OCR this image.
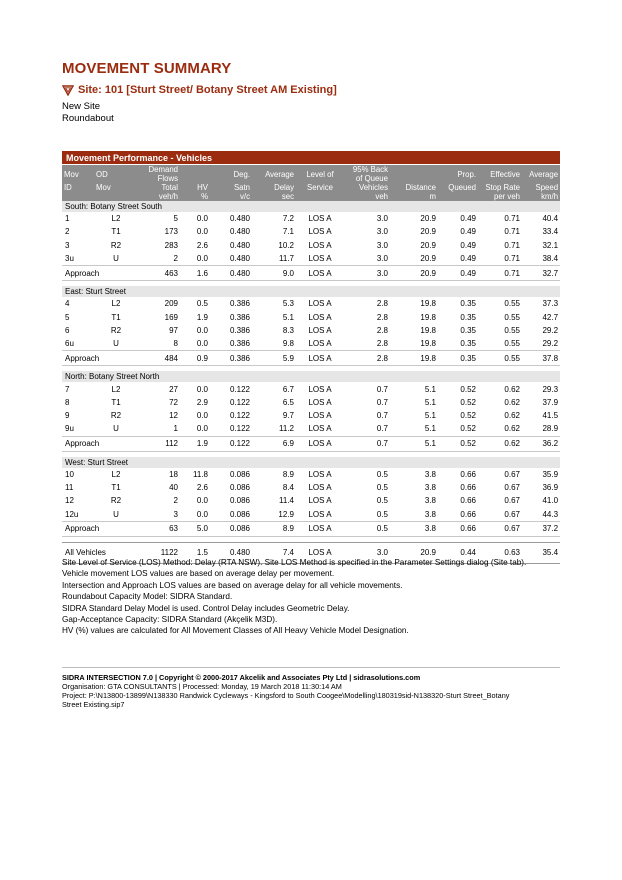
MOVEMENT SUMMARY
Site: 101 [Sturt Street/ Botany Street AM Existing]
New Site
Roundabout
Movement Performance - Vehicles											
Mov	OD	Demand Flows		Deg.	Average	Level of	95% Back of Queue		Prop.	Effective	Average
ID	Mov	Total	HV	Satn	Delay	Service	Vehicles	Distance	Queued	Stop Rate	Speed
		veh/h	%	v/c	sec		veh	m		per veh	km/h
South: Botany Street South											
1	L2	5	0.0	0.480	7.2	LOS A	3.0	20.9	0.49	0.71	40.4
2	T1	173	0.0	0.480	7.1	LOS A	3.0	20.9	0.49	0.71	33.4
3	R2	283	2.6	0.480	10.2	LOS A	3.0	20.9	0.49	0.71	32.1
3u	U	2	0.0	0.480	11.7	LOS A	3.0	20.9	0.49	0.71	38.4
Approach		463	1.6	0.480	9.0	LOS A	3.0	20.9	0.49	0.71	32.7

East: Sturt Street											
4	L2	209	0.5	0.386	5.3	LOS A	2.8	19.8	0.35	0.55	37.3
5	T1	169	1.9	0.386	5.1	LOS A	2.8	19.8	0.35	0.55	42.7
6	R2	97	0.0	0.386	8.3	LOS A	2.8	19.8	0.35	0.55	29.2
6u	U	8	0.0	0.386	9.8	LOS A	2.8	19.8	0.35	0.55	29.2
Approach		484	0.9	0.386	5.9	LOS A	2.8	19.8	0.35	0.55	37.8

North: Botany Street North											
7	L2	27	0.0	0.122	6.7	LOS A	0.7	5.1	0.52	0.62	29.3
8	T1	72	2.9	0.122	6.5	LOS A	0.7	5.1	0.52	0.62	37.9
9	R2	12	0.0	0.122	9.7	LOS A	0.7	5.1	0.52	0.62	41.5
9u	U	1	0.0	0.122	11.2	LOS A	0.7	5.1	0.52	0.62	28.9
Approach		112	1.9	0.122	6.9	LOS A	0.7	5.1	0.52	0.62	36.2

West: Sturt Street											
10	L2	18	11.8	0.086	8.9	LOS A	0.5	3.8	0.66	0.67	35.9
11	T1	40	2.6	0.086	8.4	LOS A	0.5	3.8	0.66	0.67	36.9
12	R2	2	0.0	0.086	11.4	LOS A	0.5	3.8	0.66	0.67	41.0
12u	U	3	0.0	0.086	12.9	LOS A	0.5	3.8	0.66	0.67	44.3
Approach		63	5.0	0.086	8.9	LOS A	0.5	3.8	0.66	0.67	37.2

All Vehicles		1122	1.5	0.480	7.4	LOS A	3.0	20.9	0.44	0.63	35.4
Site Level of Service (LOS) Method: Delay (RTA NSW). Site LOS Method is specified in the Parameter Settings dialog (Site tab).
Vehicle movement LOS values are based on average delay per movement.
Intersection and Approach LOS values are based on average delay for all vehicle movements.
Roundabout Capacity Model: SIDRA Standard.
SIDRA Standard Delay Model is used. Control Delay includes Geometric Delay.
Gap-Acceptance Capacity: SIDRA Standard (Akçelik M3D).
HV (%) values are calculated for All Movement Classes of All Heavy Vehicle Model Designation.
SIDRA INTERSECTION 7.0 | Copyright © 2000-2017 Akcelik and Associates Pty Ltd | sidrasolutions.com
Organisation: GTA CONSULTANTS | Processed: Monday, 19 March 2018 11:30:14 AM
Project: P:\N13800-13899\N138330 Randwick Cycleways - Kingsford to South Coogee\Modelling\180319sid-N138320-Sturt Street_Botany
Street Existing.sip7
